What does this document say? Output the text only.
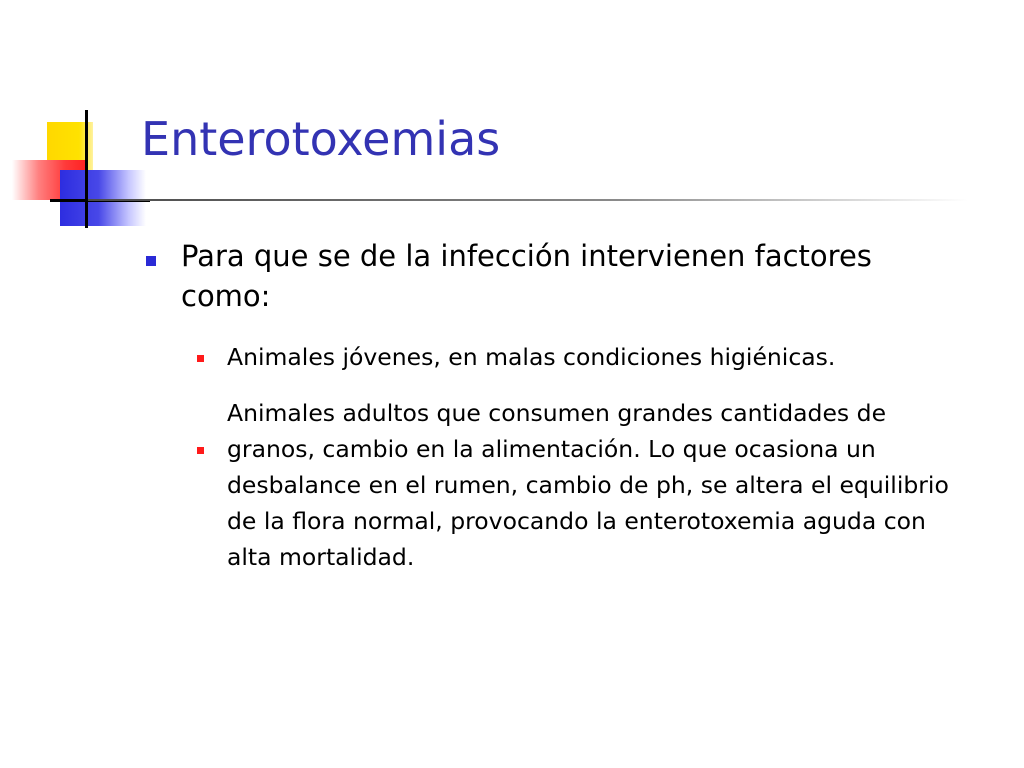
Enterotoxemias
Para que se de la infección intervienen factores como:
Animales jóvenes, en malas condiciones higiénicas.
Animales adultos que consumen grandes cantidades de granos, cambio en la alimentación. Lo que ocasiona un desbalance en el rumen, cambio de ph, se altera el equilibrio de la flora normal, provocando la enterotoxemia aguda con alta mortalidad.
